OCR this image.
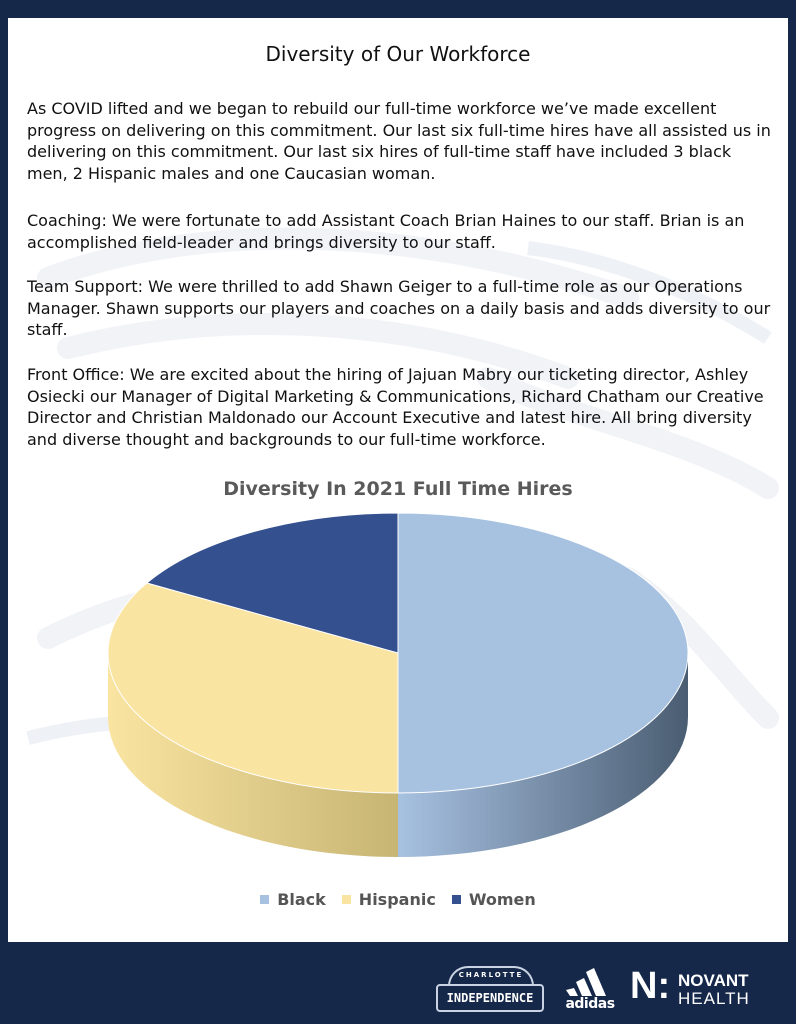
Diversity of Our Workforce

As COVID lifted and we began to rebuild our full-time workforce we’ve made excellent progress on delivering on this commitment. Our last six full-time hires have all assisted us in delivering on this commitment. Our last six hires of full-time staff have included 3 black men, 2 Hispanic males and one Caucasian woman.

Coaching: We were fortunate to add Assistant Coach Brian Haines to our staff. Brian is an accomplished field-leader and brings diversity to our staff.

Team Support: We were thrilled to add Shawn Geiger to a full-time role as our Operations Manager. Shawn supports our players and coaches on a daily basis and adds diversity to our staff.

Front Office: We are excited about the hiring of Jajuan Mabry our ticketing director, Ashley Osiecki our Manager of Digital Marketing & Communications, Richard Chatham our Creative Director and Christian Maldonado our Account Executive and latest hire. All bring diversity and diverse thought and backgrounds to our full-time workforce.

Diversity In 2021 Full Time Hires
Black Hispanic Women
CHARLOTTE
INDEPENDENCE	adidas N: NOVANT
HEALTH
